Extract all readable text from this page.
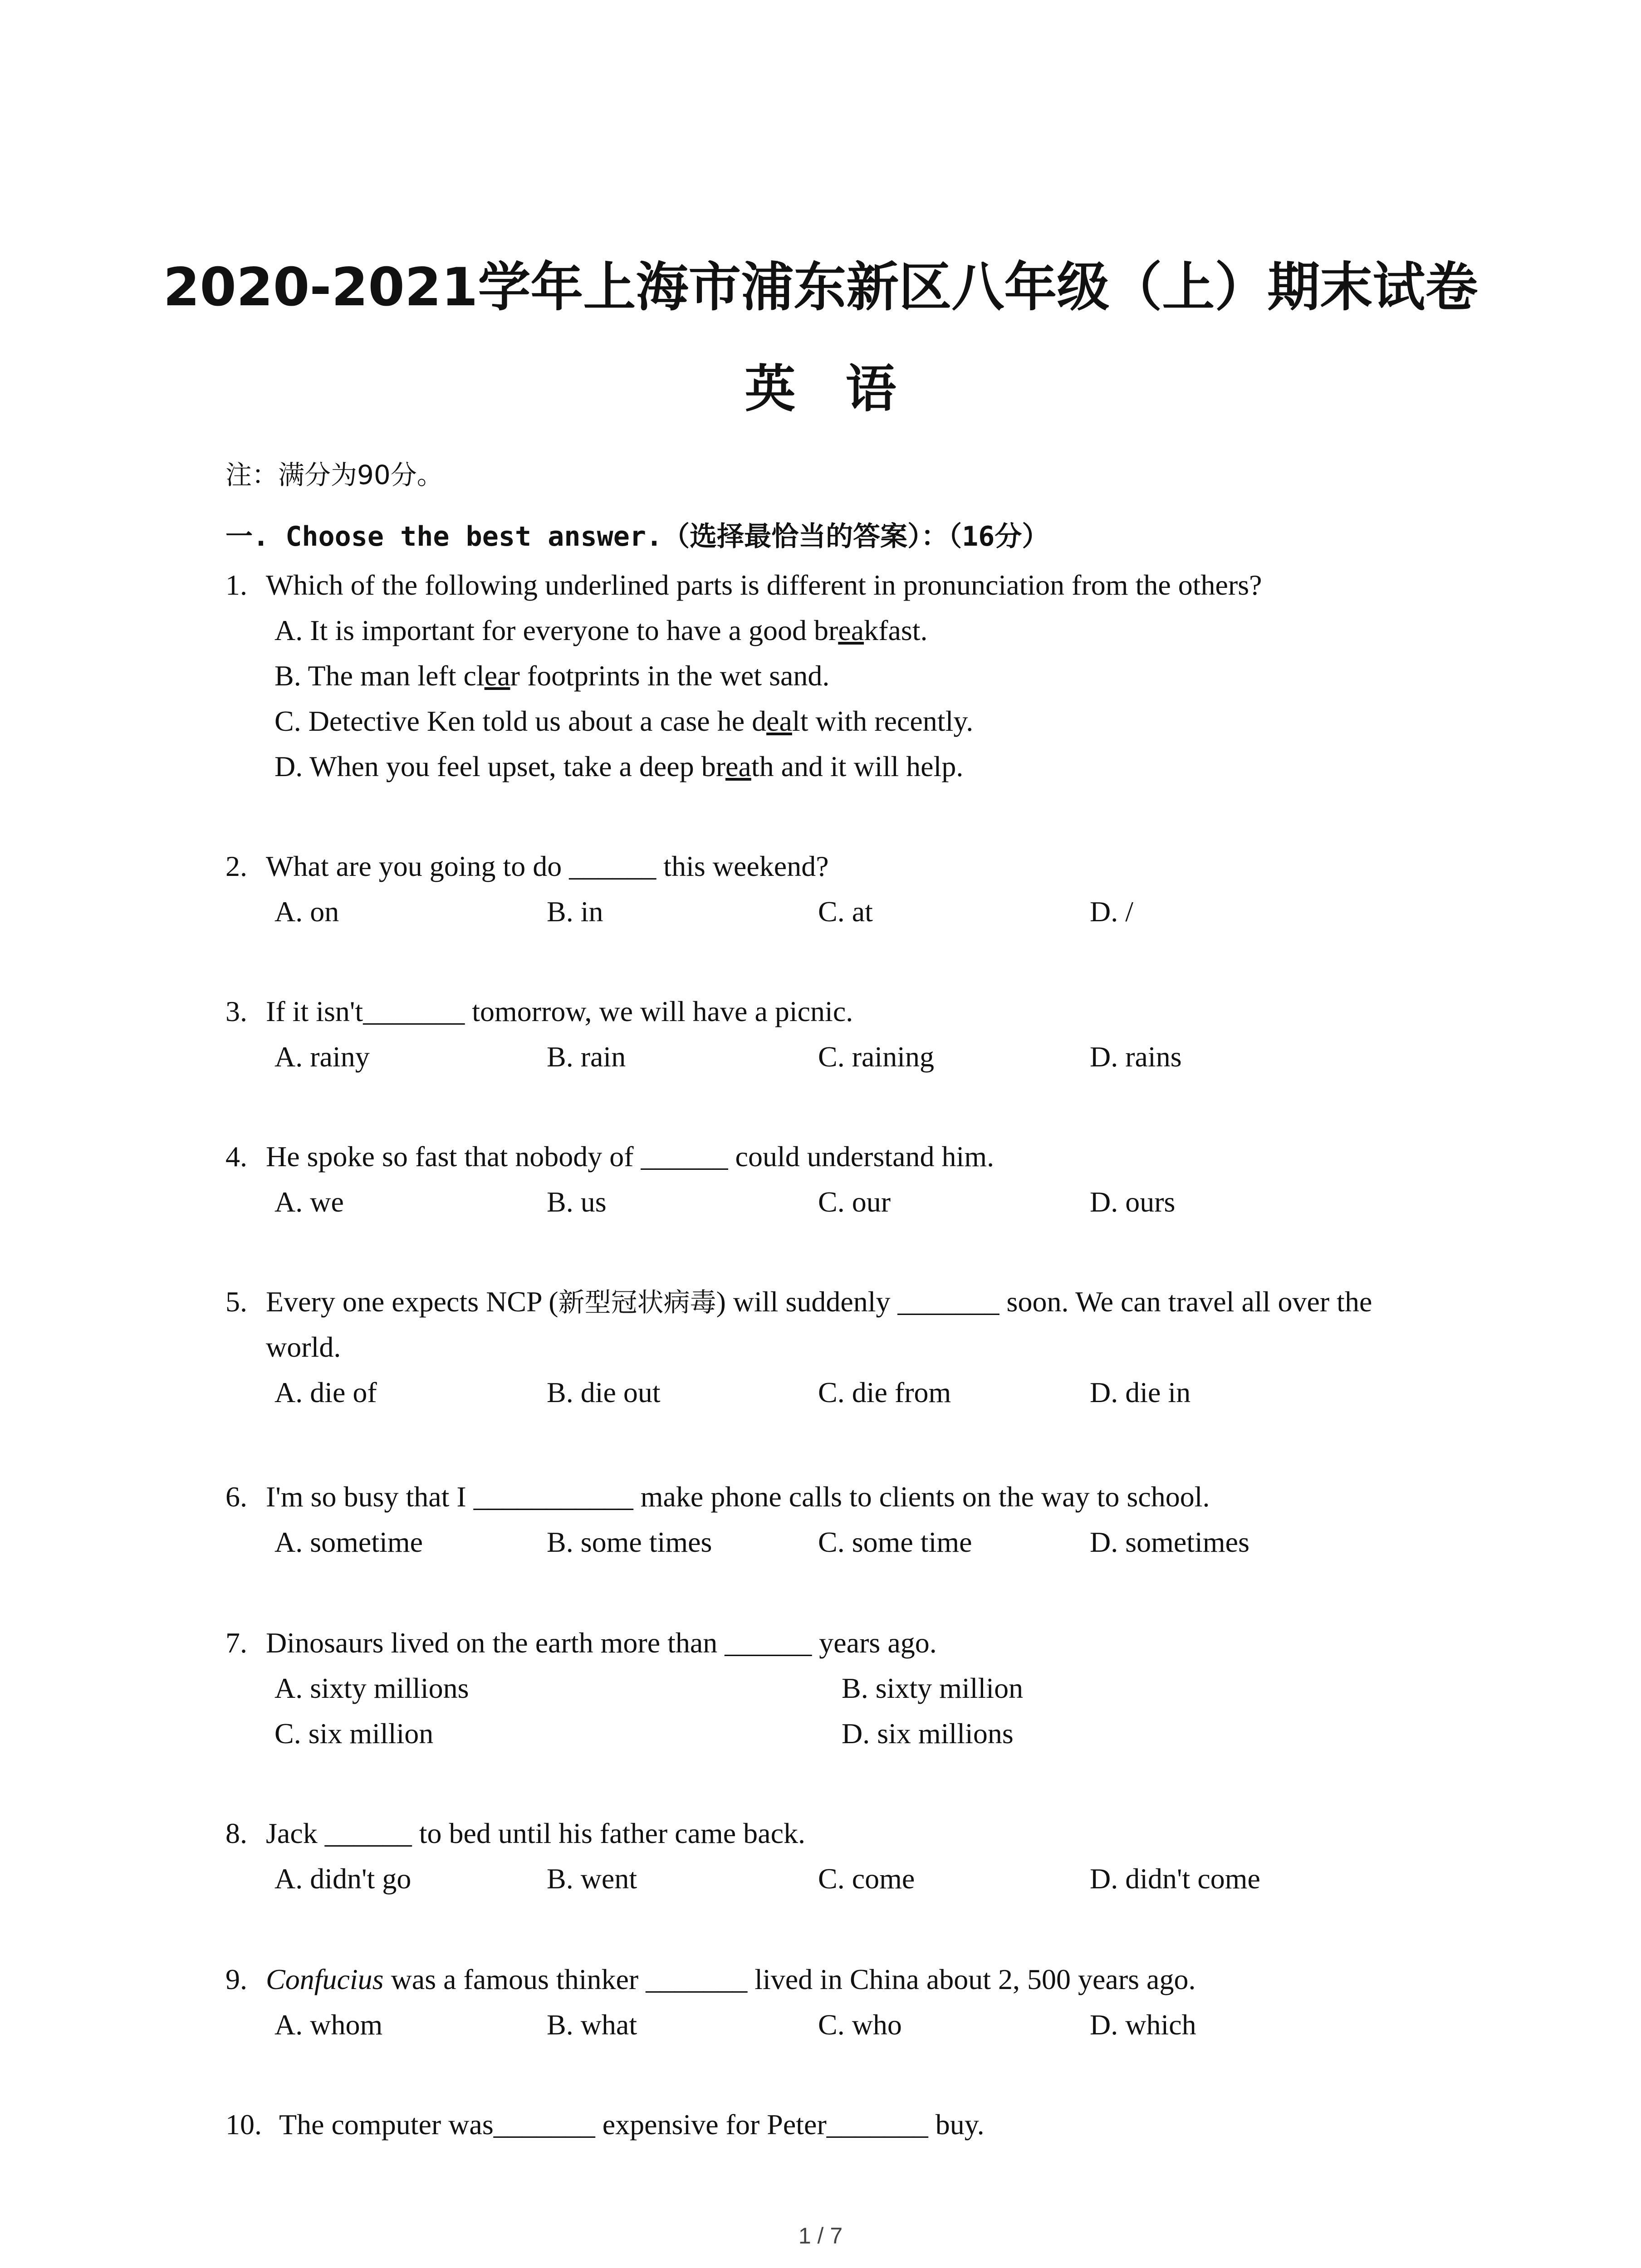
2020-2021学年上海市浦东新区八年级（上）期末试卷
英语
注：满分为90分。
一. Choose the best answer.（选择最恰当的答案）：（16分）
1. Which of the following underlined parts is different in pronunciation from the others?
A. It is important for everyone to have a good breakfast.
B. The man left clear footprints in the wet sand.
C. Detective Ken told us about a case he dealt with recently.
D. When you feel upset, take a deep breath and it will help.
2. What are you going to do ______ this weekend?
A. on	B. in	C. at	D. /
3. If it isn't_______ tomorrow, we will have a picnic.
A. rainy	B. rain	C. raining	D. rains
4. He spoke so fast that nobody of ______ could understand him.
A. we	B. us	C. our	D. ours
5. Every one expects NCP (新型冠状病毒) will suddenly _______ soon. We can travel all over the
world.
A. die of	B. die out	C. die from	D. die in
6. I'm so busy that I ___________ make phone calls to clients on the way to school.
A. sometime	B. some times	C. some time	D. sometimes
7. Dinosaurs lived on the earth more than ______ years ago.
A. sixty millions	B. sixty million
C. six million	D. six millions
8. Jack ______ to bed until his father came back.
A. didn't go	B. went	C. come	D. didn't come
9. Confucius was a famous thinker _______ lived in China about 2, 500 years ago.
A. whom	B. what	C. who	D. which
10. The computer was_______ expensive for Peter_______ buy.
1 / 7
